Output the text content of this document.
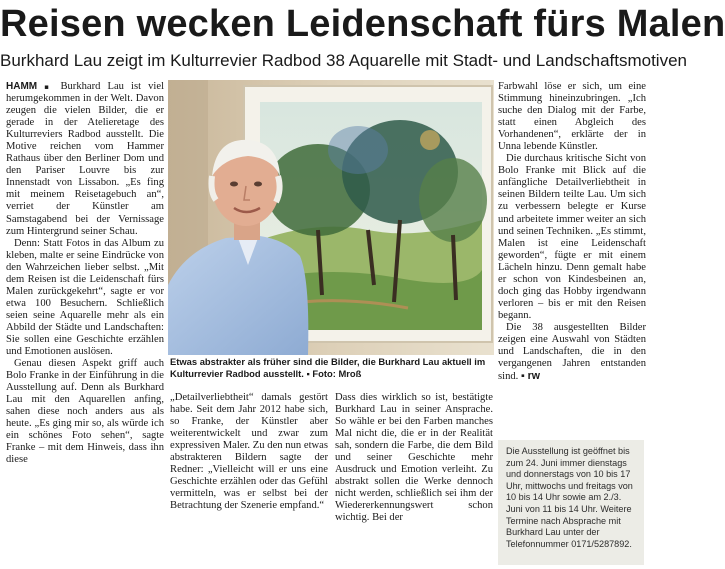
Reisen wecken Leidenschaft fürs Malen
Burkhard Lau zeigt im Kulturrevier Radbod 38 Aquarelle mit Stadt- und Landschaftsmotiven

HAMM ▪ Burkhard Lau ist viel herumgekommen in der Welt. Davon zeugen die vielen Bilder, die er gerade in der Atelieretage des Kulturreviers Radbod ausstellt. Die Motive reichen vom Hammer Rathaus über den Berliner Dom und den Pariser Louvre bis zur Innenstadt von Lissabon. „Es fing mit meinem Reisetagebuch an“, verriet der Künstler am Samstagabend bei der Vernissage zum Hintergrund seiner Schau.

Denn: Statt Fotos in das Album zu kleben, malte er seine Eindrücke von den Wahrzeichen lieber selbst. „Mit dem Reisen ist die Leidenschaft fürs Malen zurückgekehrt“, sagte er vor etwa 100 Besuchern. Schließlich seien seine Aquarelle mehr als ein Abbild der Städte und Landschaften: Sie sollen eine Geschichte erzählen und Emotionen auslösen.

Genau diesen Aspekt griff auch Bolo Franke in der Einführung in die Ausstellung auf. Denn als Burkhard Lau mit den Aquarellen anfing, sahen diese noch anders aus als heute. „Es ging mir so, als würde ich ein schönes Foto sehen“, sagte Franke – mit dem Hinweis, dass ihn diese

Etwas abstrakter als früher sind die Bilder, die Burkhard Lau aktuell im Kulturrevier Radbod ausstellt. ▪ Foto: Mroß

„Detailverliebtheit“ damals gestört habe. Seit dem Jahr 2012 habe sich, so Franke, der Künstler aber weiterentwickelt und zwar zum expressiven Maler. Zu den nun etwas abstrakteren Bildern sagte der Redner: „Vielleicht will er uns eine Geschichte erzählen oder das Gefühl vermitteln, was er selbst bei der Betrachtung der Szenerie empfand.“

Dass dies wirklich so ist, bestätigte Burkhard Lau in seiner Ansprache. So wähle er bei den Farben manches Mal nicht die, die er in der Realität sah, sondern die Farbe, die dem Bild und seiner Geschichte mehr Ausdruck und Emotion verleiht. Zu abstrakt sollen die Werke dennoch nicht werden, schließlich sei ihm der Wiedererkennungswert schon wichtig. Bei der

Farbwahl löse er sich, um eine Stimmung hineinzubringen. „Ich suche den Dialog mit der Farbe, statt einen Abgleich des Vorhandenen“, erklärte der in Unna lebende Künstler.

Die durchaus kritische Sicht von Bolo Franke mit Blick auf die anfängliche Detailverliebtheit in seinen Bildern teilte Lau. Um sich zu verbessern belegte er Kurse und arbeitete immer weiter an sich und seinen Techniken. „Es stimmt, Malen ist eine Leidenschaft geworden“, fügte er mit einem Lächeln hinzu. Denn gemalt habe er schon von Kindesbeinen an, doch ging das Hobby irgendwann verloren – bis er mit den Reisen begann.

Die 38 ausgestellten Bilder zeigen eine Auswahl von Städten und Landschaften, die in den vergangenen Jahren entstanden sind. ▪ rw

Die Ausstellung ist geöffnet bis zum 24. Juni immer dienstags und donnerstags von 10 bis 17 Uhr, mittwochs und freitags von 10 bis 14 Uhr sowie am 2./3. Juni von 11 bis 14 Uhr. Weitere Termine nach Absprache mit Burkhard Lau unter der Telefonnummer 0171/5287892.
